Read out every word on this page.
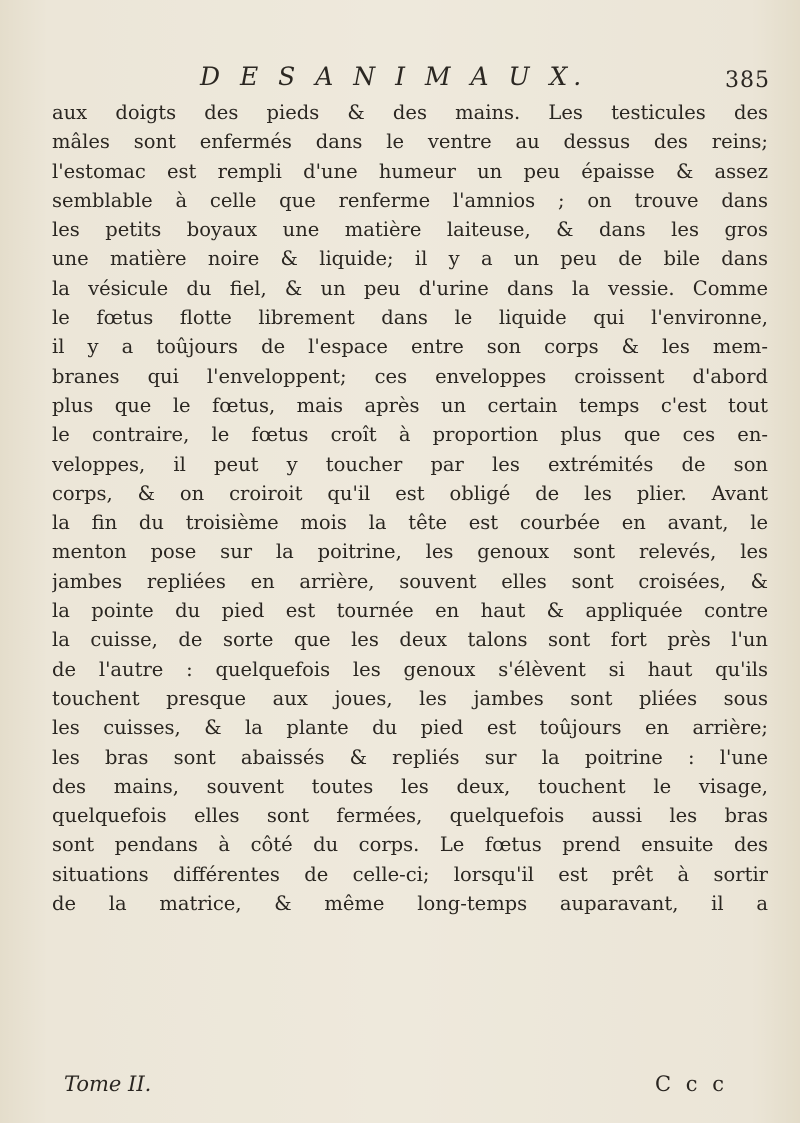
D E S A N I M A U X.	385
aux doigts des pieds & des mains. Les testicules des
mâles sont enfermés dans le ventre au dessus des reins;
l'estomac est rempli d'une humeur un peu épaisse & assez
semblable à celle que renferme l'amnios ; on trouve dans
les petits boyaux une matière laiteuse, & dans les gros
une matière noire & liquide; il y a un peu de bile dans
la vésicule du fiel, & un peu d'urine dans la vessie. Comme
le fœtus flotte librement dans le liquide qui l'environne,
il y a toûjours de l'espace entre son corps & les mem-
branes qui l'enveloppent; ces enveloppes croissent d'abord
plus que le fœtus, mais après un certain temps c'est tout
le contraire, le fœtus croît à proportion plus que ces en-
veloppes, il peut y toucher par les extrémités de son
corps, & on croiroit qu'il est obligé de les plier. Avant
la fin du troisième mois la tête est courbée en avant, le
menton pose sur la poitrine, les genoux sont relevés, les
jambes repliées en arrière, souvent elles sont croisées, &
la pointe du pied est tournée en haut & appliquée contre
la cuisse, de sorte que les deux talons sont fort près l'un
de l'autre : quelquefois les genoux s'élèvent si haut qu'ils
touchent presque aux joues, les jambes sont pliées sous
les cuisses, & la plante du pied est toûjours en arrière;
les bras sont abaissés & repliés sur la poitrine : l'une
des mains, souvent toutes les deux, touchent le visage,
quelquefois elles sont fermées, quelquefois aussi les bras
sont pendans à côté du corps. Le fœtus prend ensuite des
situations différentes de celle-ci; lorsqu'il est prêt à sortir
de la matrice, & même long-temps auparavant, il a
Tome II.	C c c
